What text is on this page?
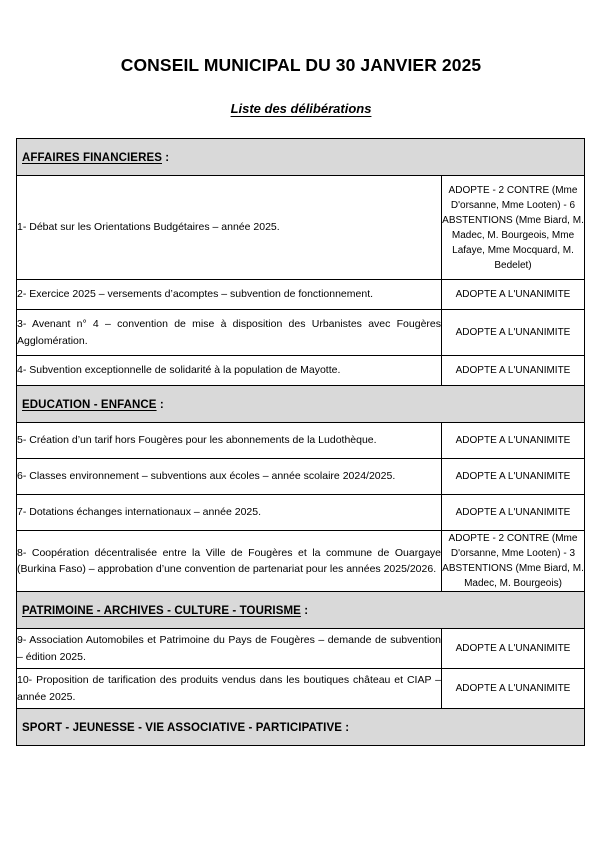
CONSEIL MUNICIPAL DU 30 JANVIER 2025
Liste des délibérations
AFFAIRES FINANCIERES :	
1- Débat sur les Orientations Budgétaires – année 2025.	ADOPTE - 2 CONTRE (Mme D'orsanne, Mme Looten) - 6 ABSTENTIONS (Mme Biard, M. Madec, M. Bourgeois, Mme Lafaye, Mme Mocquard, M. Bedelet)
2- Exercice 2025 – versements d’acomptes – subvention de fonctionnement.	ADOPTE A L'UNANIMITE
3- Avenant n° 4 – convention de mise à disposition des Urbanistes avec Fougères Agglomération.	ADOPTE A L'UNANIMITE
4- Subvention exceptionnelle de solidarité à la population de Mayotte.	ADOPTE A L'UNANIMITE
EDUCATION - ENFANCE :	
5- Création d’un tarif hors Fougères pour les abonnements de la Ludothèque.	ADOPTE A L'UNANIMITE
6- Classes environnement – subventions aux écoles – année scolaire 2024/2025.	ADOPTE A L'UNANIMITE
7- Dotations échanges internationaux – année 2025.	ADOPTE A L'UNANIMITE
8- Coopération décentralisée entre la Ville de Fougères et la commune de Ouargaye (Burkina Faso) – approbation d’une convention de partenariat pour les années 2025/2026.	ADOPTE - 2 CONTRE (Mme D'orsanne, Mme Looten) - 3 ABSTENTIONS (Mme Biard, M. Madec, M. Bourgeois)
PATRIMOINE - ARCHIVES - CULTURE - TOURISME :	
9- Association Automobiles et Patrimoine du Pays de Fougères – demande de subvention – édition 2025.	ADOPTE A L'UNANIMITE
10- Proposition de tarification des produits vendus dans les boutiques château et CIAP – année 2025.	ADOPTE A L'UNANIMITE
SPORT - JEUNESSE - VIE ASSOCIATIVE - PARTICIPATIVE :	
